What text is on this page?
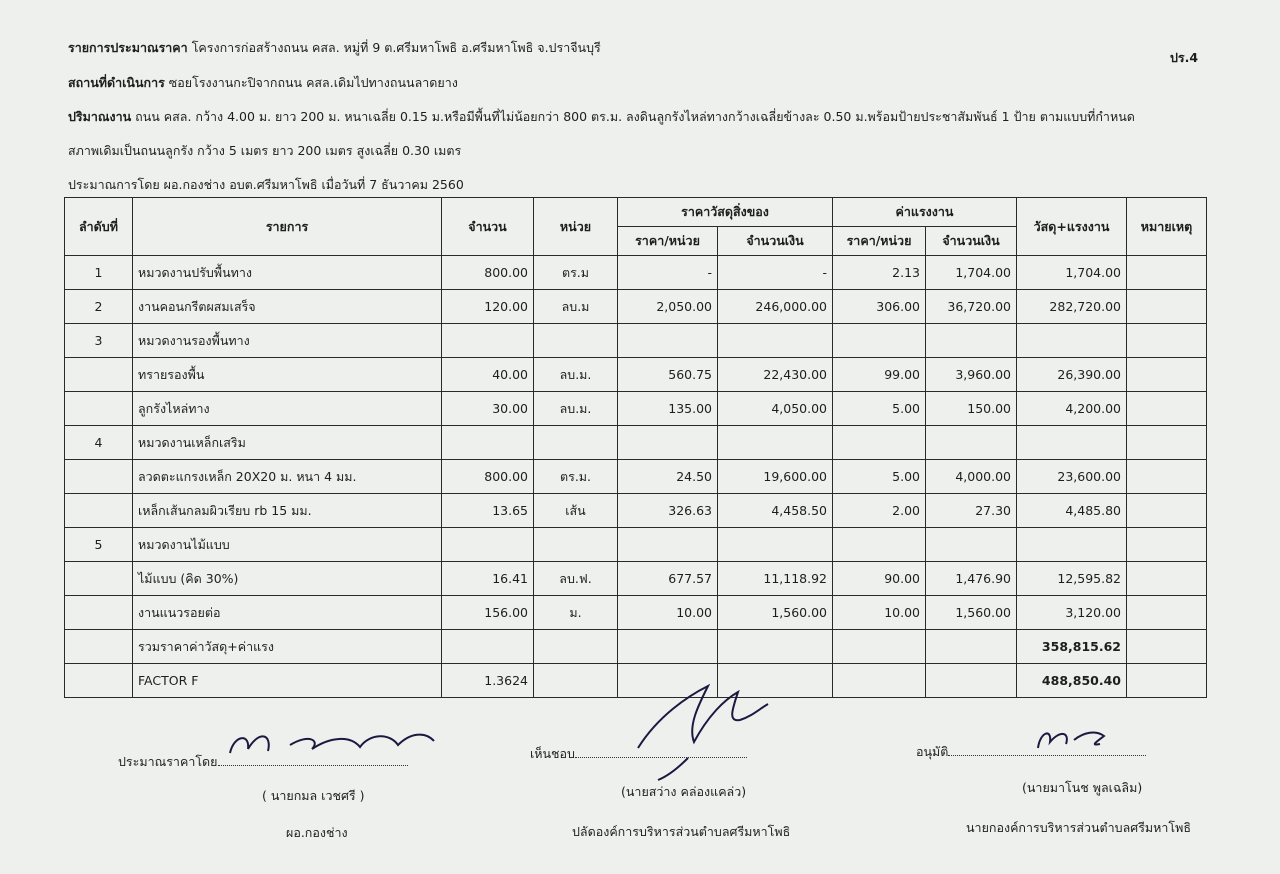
รายการประมาณราคา โครงการก่อสร้างถนน คสล. หมู่ที่ 9 ต.ศรีมหาโพธิ อ.ศรีมหาโพธิ จ.ปราจีนบุรี
ปร.4
สถานที่ดำเนินการ ซอยโรงงานกะปิจากถนน คสล.เดิมไปทางถนนลาดยาง
ปริมาณงาน ถนน คสล. กว้าง 4.00 ม. ยาว 200 ม. หนาเฉลี่ย 0.15 ม.หรือมีพื้นที่ไม่น้อยกว่า 800 ตร.ม. ลงดินลูกรังไหล่ทางกว้างเฉลี่ยข้างละ 0.50 ม.พร้อมป้ายประชาสัมพันธ์ 1 ป้าย ตามแบบที่กำหนด
สภาพเดิมเป็นถนนลูกรัง กว้าง 5 เมตร ยาว 200 เมตร สูงเฉลี่ย 0.30 เมตร
ประมาณการโดย ผอ.กองช่าง อบต.ศรีมหาโพธิ เมื่อวันที่ 7 ธันวาคม 2560
ลำดับที่	รายการ	จำนวน	หน่วย	ราคาวัสดุสิ่งของ		ค่าแรงงาน		วัสดุ+แรงงาน	หมายเหตุ
				ราคา/หน่วย	จำนวนเงิน	ราคา/หน่วย	จำนวนเงิน		
1	หมวดงานปรับพื้นทาง	800.00	ตร.ม	-	-	2.13	1,704.00	1,704.00	
2	งานคอนกรีตผสมเสร็จ	120.00	ลบ.ม	2,050.00	246,000.00	306.00	36,720.00	282,720.00	
3	หมวดงานรองพื้นทาง								
	ทรายรองพื้น	40.00	ลบ.ม.	560.75	22,430.00	99.00	3,960.00	26,390.00	
	ลูกรังไหล่ทาง	30.00	ลบ.ม.	135.00	4,050.00	5.00	150.00	4,200.00	
4	หมวดงานเหล็กเสริม								
	ลวดตะแกรงเหล็ก 20X20 ม. หนา 4 มม.	800.00	ตร.ม.	24.50	19,600.00	5.00	4,000.00	23,600.00	
	เหล็กเส้นกลมผิวเรียบ rb 15 มม.	13.65	เส้น	326.63	4,458.50	2.00	27.30	4,485.80	
5	หมวดงานไม้แบบ								
	ไม้แบบ (คิด 30%)	16.41	ลบ.ฟ.	677.57	11,118.92	90.00	1,476.90	12,595.82	
	งานแนวรอยต่อ	156.00	ม.	10.00	1,560.00	10.00	1,560.00	3,120.00	
	รวมราคาค่าวัสดุ+ค่าแรง							358,815.62	
	FACTOR F	1.3624						488,850.40	
ประมาณราคาโดย
( นายกมล เวชศรี )
ผอ.กองช่าง
เห็นชอบ
(นายสว่าง คล่องแคล่ว)
ปลัดองค์การบริหารส่วนตำบลศรีมหาโพธิ
อนุมัติ
(นายมาโนช พูลเฉลิม)
นายกองค์การบริหารส่วนตำบลศรีมหาโพธิ
